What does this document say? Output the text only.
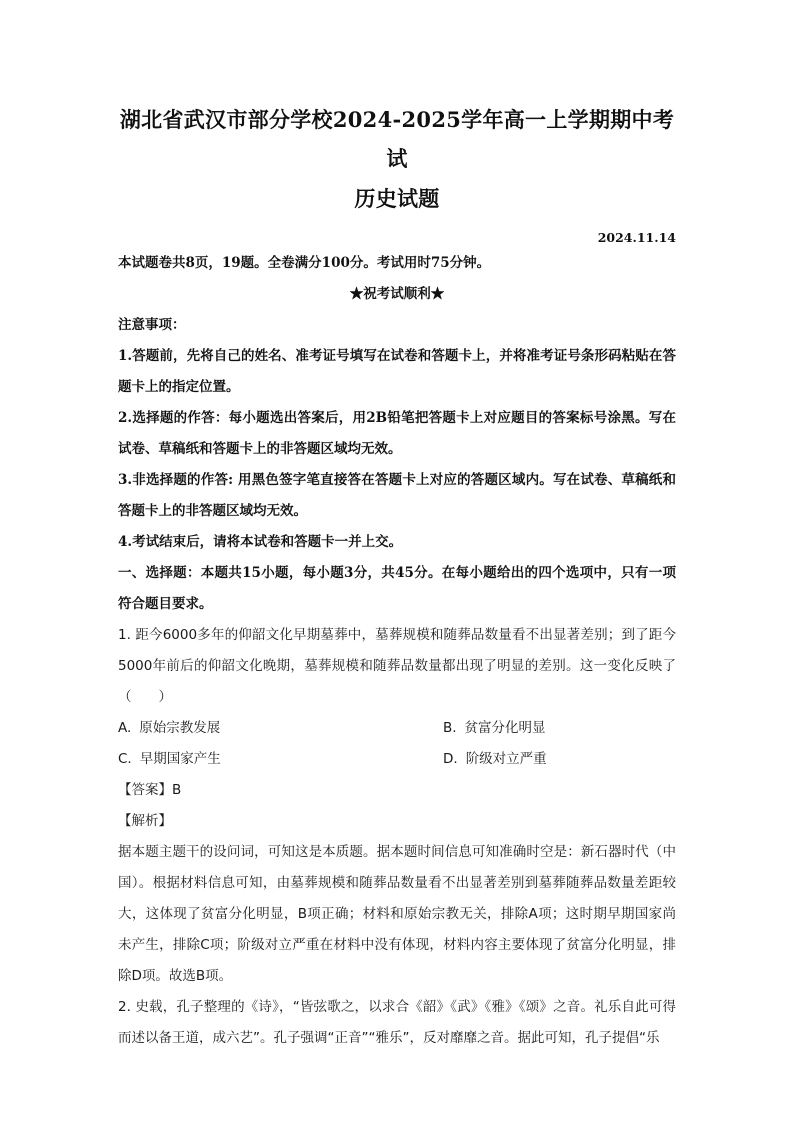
湖北省武汉市部分学校2024-2025学年高一上学期期中考试
历史试题
2024.11.14

本试题卷共8页，19题。全卷满分100分。考试用时75分钟。

★祝考试顺利★

注意事项：

1.答题前，先将自己的姓名、准考证号填写在试卷和答题卡上，并将准考证号条形码粘贴在答题卡上的指定位置。

2.选择题的作答：每小题选出答案后，用2B铅笔把答题卡上对应题目的答案标号涂黑。写在试卷、草稿纸和答题卡上的非答题区域均无效。

3.非选择题的作答: 用黑色签字笔直接答在答题卡上对应的答题区域内。写在试卷、草稿纸和答题卡上的非答题区域均无效。

4.考试结束后，请将本试卷和答题卡一并上交。

一、选择题：本题共15小题，每小题3分，共45分。在每小题给出的四个选项中，只有一项符合题目要求。

1. 距今6000多年的仰韶文化早期墓葬中，墓葬规模和随葬品数量看不出显著差别；到了距今5000年前后的仰韶文化晚期，墓葬规模和随葬品数量都出现了明显的差别。这一变化反映了（　　）

A. 原始宗教发展	B. 贫富分化明显
C. 早期国家产生	D. 阶级对立严重

【答案】B

【解析】

据本题主题干的设问词，可知这是本质题。据本题时间信息可知准确时空是：新石器时代（中国）。根据材料信息可知，由墓葬规模和随葬品数量看不出显著差别到墓葬随葬品数量差距较大，这体现了贫富分化明显，B项正确；材料和原始宗教无关，排除A项；这时期早期国家尚未产生，排除C项；阶级对立严重在材料中没有体现，材料内容主要体现了贫富分化明显，排除D项。故选B项。

2. 史载，孔子整理的《诗》，“皆弦歌之，以求合《韶》《武》《雅》《颂》之音。礼乐自此可得而述以备王道，成六艺”。孔子强调“正音”“雅乐”，反对靡靡之音。据此可知，孔子提倡“乐
